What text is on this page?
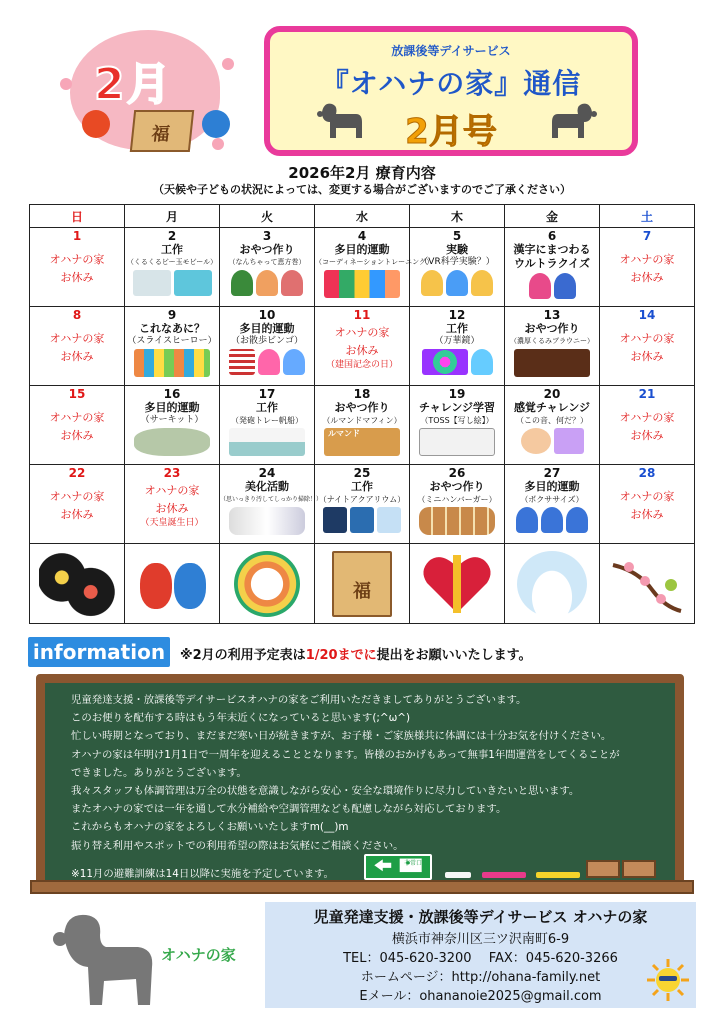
2月
福
放課後等デイサービス
『オハナの家』通信
2月号
2026年2月 療育内容
（天候や子どもの状況によっては、変更する場合がございますのでご了承ください）
日	月	火	水	木	金	土

1
オハナの家
お休み	2
工作
（くるくるビー玉モビール）	3
おやつ作り
（なんちゃって恵方巻）	4
多目的運動
（コーディネーショントレーニング）	5
実験
（VR科学実験？）	6
漢字にまつわる
ウルトラクイズ	7
オハナの家
お休み

8
オハナの家
お休み	9
これなあに？
（スライスヒーロー）	10
多目的運動
（お散歩ビンゴ）	11
オハナの家
お休み
（建国記念の日）	12
工作
（万華鏡）	13
おやつ作り
（濃厚くるみブラウニー）	14
オハナの家
お休み

15
オハナの家
お休み	16
多目的運動
（サーキット）	17
工作
（発砲トレー帆船）	18
おやつ作り
（ルマンドマフィン）
ルマンド	19
チャレンジ学習
（TOSS【写し絵】）	20
感覚チャレンジ
（この音、何だ？）	21
オハナの家
お休み

22
オハナの家
お休み	23
オハナの家
お休み
（天皇誕生日）	24
美化活動
（思いっきり汚してしっかり掃除！）	25
工作
（ナイトアクアリウム）	26
おやつ作り
（ミニハンバーガー）	27
多目的運動
（ボクササイズ）	28
オハナの家
お休み

			福

information	※2月の利用予定表は1/20までに提出をお願いいたします。

児童発達支援・放課後等デイサービスオハナの家をご利用いただきましてありがとうございます。

このお便りを配布する時はもう年末近くになっていると思います(;^ω^)

忙しい時期となっており、まだまだ寒い日が続きますが、お子様・ご家族様共に体調には十分お気を付けください。

オハナの家は年明け1月1日で一周年を迎えることとなります。皆様のおかげもあって無事1年間運営をしてくることが

できました。ありがとうございます。

我々スタッフも体調管理は万全の状態を意識しながら安心・安全な環境作りに尽力していきたいと思います。

またオハナの家では一年を通して水分補給や空調管理なども配慮しながら対応しております。

これからもオハナの家をよろしくお願いいたしますm(__)m

振り替え利用やスポットでの利用希望の際はお気軽にご相談ください。

※11月の避難訓練は14日以降に実施を予定しています。

非常口
オハナの家
児童発達支援・放課後等デイサービス オハナの家
横浜市神奈川区三ツ沢南町6-9
TEL：045-620-3200　 FAX：045-620-3266
ホームページ：http://ohana-family.net
Eメール：ohananoie2025@gmail.com
